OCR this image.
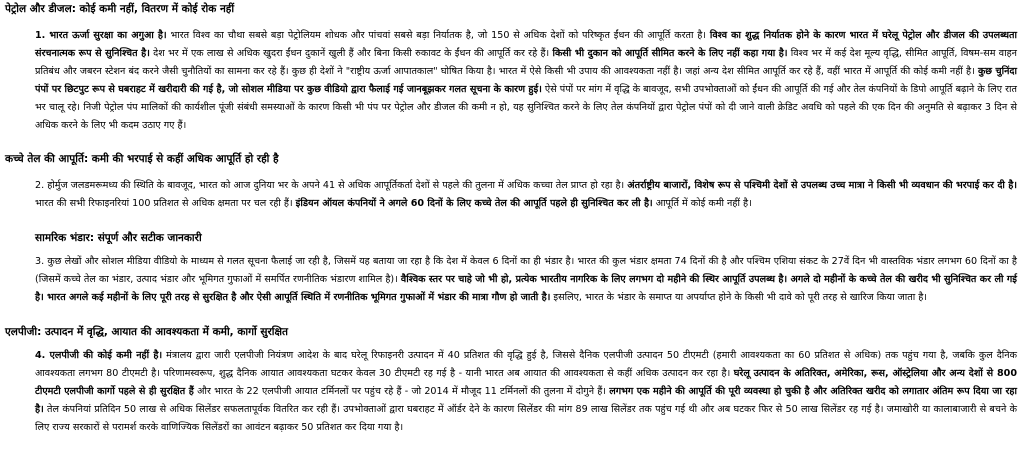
पेट्रोल और डीजल: कोई कमी नहीं, वितरण में कोई रोक नहीं

1. भारत ऊर्जा सुरक्षा का अगुआ है। भारत विश्व का चौथा सबसे बड़ा पेट्रोलियम शोधक और पांचवां सबसे बड़ा निर्यातक है, जो 150 से अधिक देशों को परिष्कृत ईंधन की आपूर्ति करता है। विश्व का शुद्ध निर्यातक होने के कारण भारत में घरेलू पेट्रोल और डीजल की उपलब्धता संरचनात्मक रूप से सुनिश्चित है। देश भर में एक लाख से अधिक खुदरा ईंधन दुकानें खुली हैं और बिना किसी रुकावट के ईंधन की आपूर्ति कर रहे हैं। किसी भी दुकान को आपूर्ति सीमित करने के लिए नहीं कहा गया है। विश्व भर में कई देश मूल्य वृद्धि, सीमित आपूर्ति, विषम-सम वाहन प्रतिबंध और जबरन स्टेशन बंद करने जैसी चुनौतियों का सामना कर रहे हैं। कुछ ही देशों ने "राष्ट्रीय ऊर्जा आपातकाल" घोषित किया है। भारत में ऐसे किसी भी उपाय की आवश्यकता नहीं है। जहां अन्य देश सीमित आपूर्ति कर रहे हैं, वहीं भारत में आपूर्ति की कोई कमी नहीं है। कुछ चुनिंदा पंपों पर छिटपुट रूप से घबराहट में खरीदारी की गई है, जो सोशल मीडिया पर कुछ वीडियो द्वारा फैलाई गई जानबूझकर गलत सूचना के कारण हुई। ऐसे पंपों पर मांग में वृद्धि के बावजूद, सभी उपभोक्ताओं को ईंधन की आपूर्ति की गई और तेल कंपनियों के डिपो आपूर्ति बढ़ाने के लिए रात भर चालू रहे। निजी पेट्रोल पंप मालिकों की कार्यशील पूंजी संबंधी समस्याओं के कारण किसी भी पंप पर पेट्रोल और डीजल की कमी न हो, यह सुनिश्चित करने के लिए तेल कंपनियों द्वारा पेट्रोल पंपों को दी जाने वाली क्रेडिट अवधि को पहले की एक दिन की अनुमति से बढ़ाकर 3 दिन से अधिक करने के लिए भी कदम उठाए गए हैं।

कच्चे तेल की आपूर्ति: कमी की भरपाई से कहीं अधिक आपूर्ति हो रही है

2. होर्मुज जलडमरूमध्य की स्थिति के बावजूद, भारत को आज दुनिया भर के अपने 41 से अधिक आपूर्तिकर्ता देशों से पहले की तुलना में अधिक कच्चा तेल प्राप्त हो रहा है। अंतर्राष्ट्रीय बाजारों, विशेष रूप से पश्चिमी देशों से उपलब्ध उच्च मात्रा ने किसी भी व्यवधान की भरपाई कर दी है। भारत की सभी रिफाइनरियां 100 प्रतिशत से अधिक क्षमता पर चल रही हैं। इंडियन ऑयल कंपनियों ने अगले 60 दिनों के लिए कच्चे तेल की आपूर्ति पहले ही सुनिश्चित कर ली है। आपूर्ति में कोई कमी नहीं है।

सामरिक भंडार: संपूर्ण और सटीक जानकारी

3. कुछ लेखों और सोशल मीडिया वीडियो के माध्यम से गलत सूचना फैलाई जा रही है, जिसमें यह बताया जा रहा है कि देश में केवल 6 दिनों का ही भंडार है। भारत की कुल भंडार क्षमता 74 दिनों की है और पश्चिम एशिया संकट के 27वें दिन भी वास्तविक भंडार लगभग 60 दिनों का है (जिसमें कच्चे तेल का भंडार, उत्पाद भंडार और भूमिगत गुफाओं में समर्पित रणनीतिक भंडारण शामिल है)। वैश्विक स्तर पर चाहे जो भी हो, प्रत्येक भारतीय नागरिक के लिए लगभग दो महीने की स्थिर आपूर्ति उपलब्ध है। अगले दो महीनों के कच्चे तेल की खरीद भी सुनिश्चित कर ली गई है। भारत अगले कई महीनों के लिए पूरी तरह से सुरक्षित है और ऐसी आपूर्ति स्थिति में रणनीतिक भूमिगत गुफाओं में भंडार की मात्रा गौण हो जाती है। इसलिए, भारत के भंडार के समाप्त या अपर्याप्त होने के किसी भी दावे को पूरी तरह से खारिज किया जाता है।

एलपीजी: उत्पादन में वृद्धि, आयात की आवश्यकता में कमी, कार्गो सुरक्षित

4. एलपीजी की कोई कमी नहीं है। मंत्रालय द्वारा जारी एलपीजी नियंत्रण आदेश के बाद घरेलू रिफाइनरी उत्पादन में 40 प्रतिशत की वृद्धि हुई है, जिससे दैनिक एलपीजी उत्पादन 50 टीएमटी (हमारी आवश्यकता का 60 प्रतिशत से अधिक) तक पहुंच गया है, जबकि कुल दैनिक आवश्यकता लगभग 80 टीएमटी है। परिणामस्वरूप, शुद्ध दैनिक आयात आवश्यकता घटकर केवल 30 टीएमटी रह गई है - यानी भारत अब आयात की आवश्यकता से कहीं अधिक उत्पादन कर रहा है। घरेलू उत्पादन के अतिरिक्त, अमेरिका, रूस, ऑस्ट्रेलिया और अन्य देशों से 800 टीएमटी एलपीजी कार्गो पहले से ही सुरक्षित हैं और भारत के 22 एलपीजी आयात टर्मिनलों पर पहुंच रहे हैं - जो 2014 में मौजूद 11 टर्मिनलों की तुलना में दोगुने हैं। लगभग एक महीने की आपूर्ति की पूरी व्यवस्था हो चुकी है और अतिरिक्त खरीद को लगातार अंतिम रूप दिया जा रहा है। तेल कंपनियां प्रतिदिन 50 लाख से अधिक सिलेंडर सफलतापूर्वक वितरित कर रही हैं। उपभोक्ताओं द्वारा घबराहट में ऑर्डर देने के कारण सिलेंडर की मांग 89 लाख सिलेंडर तक पहुंच गई थी और अब घटकर फिर से 50 लाख सिलेंडर रह गई है। जमाखोरी या कालाबाजारी से बचने के लिए राज्य सरकारों से परामर्श करके वाणिज्यिक सिलेंडरों का आवंटन बढ़ाकर 50 प्रतिशत कर दिया गया है।
